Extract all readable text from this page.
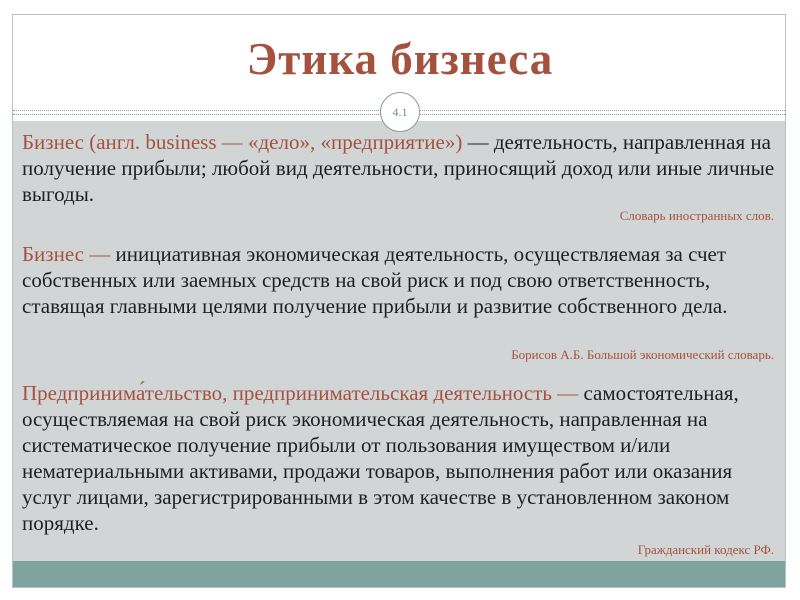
Этика бизнеса
4.1
Бизнес (англ. business — «дело», «предприятие») — деятельность, направленная на получение прибыли; любой вид деятельности, приносящий доход или иные личные выгоды.
Словарь иностранных слов.
Бизнес — инициативная экономическая деятельность, осуществляемая за счет собственных или заемных средств на свой риск и под свою ответственность, ставящая главными целями получение прибыли и развитие собственного дела.
Борисов А.Б. Большой экономический словарь.
Предпринима́тельство, предпринимательская деятельность — самостоятельная, осуществляемая на свой риск экономическая деятельность, направленная на систематическое получение прибыли от пользования имуществом и/или нематериальными активами, продажи товаров, выполнения работ или оказания услуг лицами, зарегистрированными в этом качестве в установленном законом порядке.
Гражданский кодекс РФ.
